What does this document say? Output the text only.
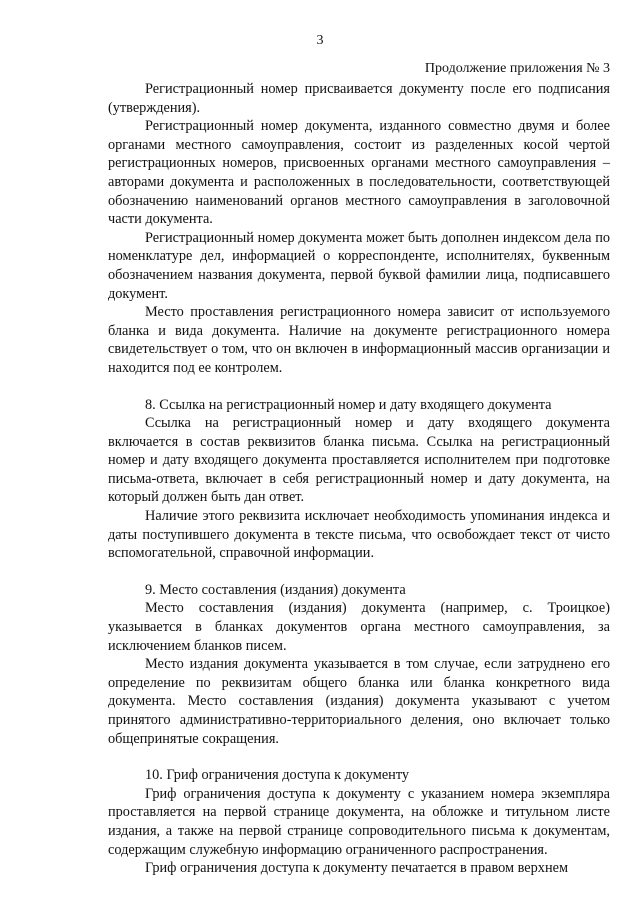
3
Продолжение приложения № 3

Регистрационный номер присваивается документу после его подписания (утверждения).

Регистрационный номер документа, изданного совместно двумя и более органами местного самоуправления, состоит из разделенных косой чертой регистрационных номеров, присвоенных органами местного самоуправления – авторами документа и расположенных в последовательности, соответствующей обозначению наименований органов местного самоуправления в заголовочной части документа.

Регистрационный номер документа может быть дополнен индексом дела по номенклатуре дел, информацией о корреспонденте, исполнителях, буквенным обозначением названия документа, первой буквой фамилии лица, подписавшего документ.

Место проставления регистрационного номера зависит от используемого бланка и вида документа. Наличие на документе регистрационного номера свидетельствует о том, что он включен в информационный массив организации и находится под ее контролем.

8. Ссылка на регистрационный номер и дату входящего документа

Ссылка на регистрационный номер и дату входящего документа включается в состав реквизитов бланка письма. Ссылка на регистрационный номер и дату входящего документа проставляется исполнителем при подготовке письма-ответа, включает в себя регистрационный номер и дату документа, на который должен быть дан ответ.

Наличие этого реквизита исключает необходимость упоминания индекса и даты поступившего документа в тексте письма, что освобождает текст от чисто вспомогательной, справочной информации.

9. Место составления (издания) документа

Место составления (издания) документа (например, с. Троицкое) указывается в бланках документов органа местного самоуправления, за исключением бланков писем.

Место издания документа указывается в том случае, если затруднено его определение по реквизитам общего бланка или бланка конкретного вида документа. Место составления (издания) документа указывают с учетом принятого административно-территориального деления, оно включает только общепринятые сокращения.

10. Гриф ограничения доступа к документу

Гриф ограничения доступа к документу с указанием номера экземпляра проставляется на первой странице документа, на обложке и титульном листе издания, а также на первой странице сопроводительного письма к документам, содержащим служебную информацию ограниченного распространения.

Гриф ограничения доступа к документу печатается в правом верхнем
